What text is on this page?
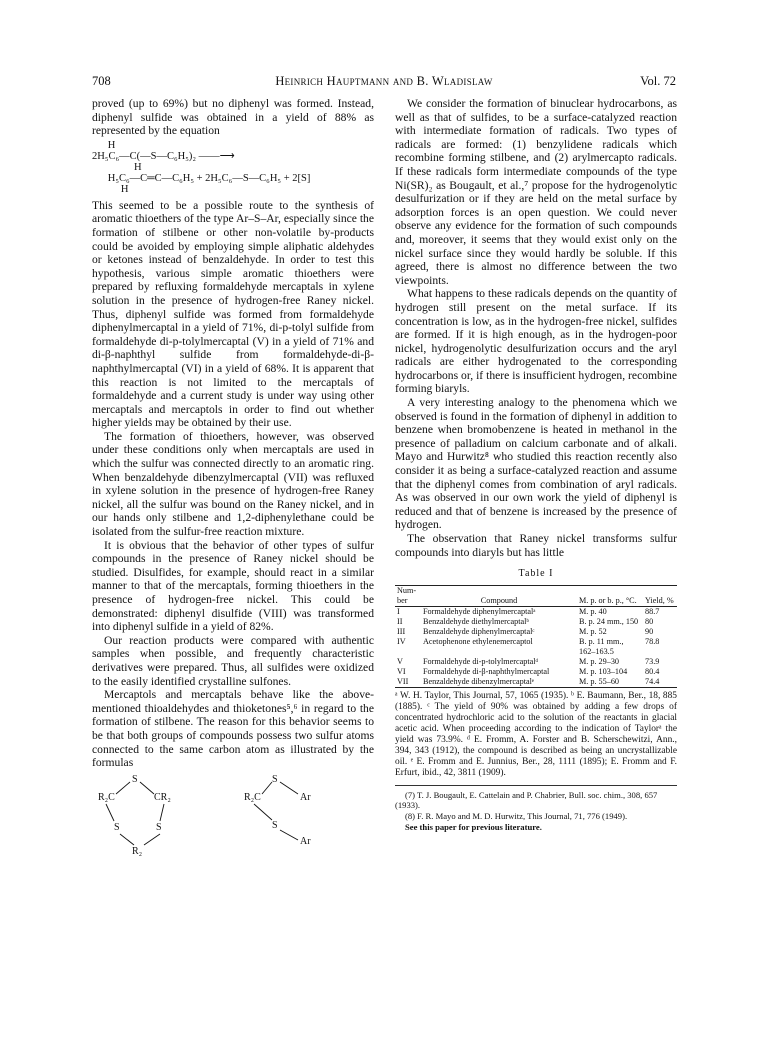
708	Heinrich Hauptmann and B. Wladislaw	Vol. 72

proved (up to 69%) but no diphenyl was formed. Instead, diphenyl sulfide was obtained in a yield of 88% as represented by the equation

H
2H₅C₆—C(—S—C₆H₅)₂ ——⟶
H
H₅C₆—C═C—C₆H₅ + 2H₅C₆—S—C₆H₅ + 2[S]
H

This seemed to be a possible route to the synthesis of aromatic thioethers of the type Ar–S–Ar, especially since the formation of stilbene or other non-volatile by-products could be avoided by employing simple aliphatic aldehydes or ketones instead of benzaldehyde. In order to test this hypothesis, various simple aromatic thioethers were prepared by refluxing formaldehyde mercaptals in xylene solution in the presence of hydrogen-free Raney nickel. Thus, diphenyl sulfide was formed from formaldehyde diphenylmercaptal in a yield of 71%, di-p-tolyl sulfide from formaldehyde di-p-tolylmercaptal (V) in a yield of 71% and di-β-naphthyl sulfide from formaldehyde-di-β-naphthylmercaptal (VI) in a yield of 68%. It is apparent that this reaction is not limited to the mercaptals of formaldehyde and a current study is under way using other mercaptals and mercaptols in order to find out whether higher yields may be obtained by their use.

The formation of thioethers, however, was observed under these conditions only when mercaptals are used in which the sulfur was connected directly to an aromatic ring. When benzaldehyde dibenzylmercaptal (VII) was refluxed in xylene solution in the presence of hydrogen-free Raney nickel, all the sulfur was bound on the Raney nickel, and in our hands only stilbene and 1,2-diphenylethane could be isolated from the sulfur-free reaction mixture.

It is obvious that the behavior of other types of sulfur compounds in the presence of Raney nickel should be studied. Disulfides, for example, should react in a similar manner to that of the mercaptals, forming thioethers in the presence of hydrogen-free nickel. This could be demonstrated: diphenyl disulfide (VIII) was transformed into diphenyl sulfide in a yield of 82%.

Our reaction products were compared with authentic samples when possible, and frequently characteristic derivatives were prepared. Thus, all sulfides were oxidized to the easily identified crystalline sulfones.

Mercaptols and mercaptals behave like the above-mentioned thioaldehydes and thioketones⁵,⁶ in regard to the formation of stilbene. The reason for this behavior seems to be that both groups of compounds possess two sulfur atoms connected to the same carbon atom as illustrated by the formulas

R₂C
S
CR₂
S	S
R₂
R₂C
S
Ar
S
Ar

We consider the formation of binuclear hydrocarbons, as well as that of sulfides, to be a surface-catalyzed reaction with intermediate formation of radicals. Two types of radicals are formed: (1) benzylidene radicals which recombine forming stilbene, and (2) arylmercapto radicals. If these radicals form intermediate compounds of the type Ni(SR)₂ as Bougault, et al.,⁷ propose for the hydrogenolytic desulfurization or if they are held on the metal surface by adsorption forces is an open question. We could never observe any evidence for the formation of such compounds and, moreover, it seems that they would exist only on the nickel surface since they would hardly be soluble. If this agreed, there is almost no difference between the two viewpoints.

What happens to these radicals depends on the quantity of hydrogen still present on the metal surface. If its concentration is low, as in the hydrogen-free nickel, sulfides are formed. If it is high enough, as in the hydrogen-poor nickel, hydrogenolytic desulfurization occurs and the aryl radicals are either hydrogenated to the corresponding hydrocarbons or, if there is insufficient hydrogen, recombine forming biaryls.

A very interesting analogy to the phenomena which we observed is found in the formation of diphenyl in addition to benzene when bromobenzene is heated in methanol in the presence of palladium on calcium carbonate and of alkali. Mayo and Hurwitz⁸ who studied this reaction recently also consider it as being a surface-catalyzed reaction and assume that the diphenyl comes from combination of aryl radicals. As was observed in our own work the yield of diphenyl is reduced and that of benzene is increased by the presence of hydrogen.

The observation that Raney nickel transforms sulfur compounds into diaryls but has little

Table I
Num-ber	Compound	M. p. or b. p., °C.	Yield, %
I	Formaldehyde diphenylmercaptalᵃ	M. p. 40	88.7
II	Benzaldehyde diethylmercaptalᵇ	B. p. 24 mm., 150	80
III	Benzaldehyde diphenylmercaptalᶜ	M. p. 52	90
IV	Acetophenone ethylenemercaptol	B. p. 11 mm., 162–163.5	78.8
V	Formaldehyde di-p-tolylmercaptalᵈ	M. p. 29–30	73.9
VI	Formaldehyde di-β-naphthylmercaptal	M. p. 103–104	80.4
VII	Benzaldehyde dibenzylmercaptalᵉ	M. p. 55–60	74.4
ᵃ W. H. Taylor, This Journal, 57, 1065 (1935). ᵇ E. Baumann, Ber., 18, 885 (1885). ᶜ The yield of 90% was obtained by adding a few drops of concentrated hydrochloric acid to the solution of the reactants in glacial acetic acid. When proceeding according to the indication of Taylorᵃ the yield was 73.9%. ᵈ E. Fromm, A. Forster and B. Scherschewitzi, Ann., 394, 343 (1912), the compound is described as being an uncrystallizable oil. ᵉ E. Fromm and E. Junnius, Ber., 28, 1111 (1895); E. Fromm and F. Erfurt, ibid., 42, 3811 (1909).
(7) T. J. Bougault, E. Cattelain and P. Chabrier, Bull. soc. chim., 308, 657 (1933).
(8) F. R. Mayo and M. D. Hurwitz, This Journal, 71, 776 (1949).
See this paper for previous literature.
